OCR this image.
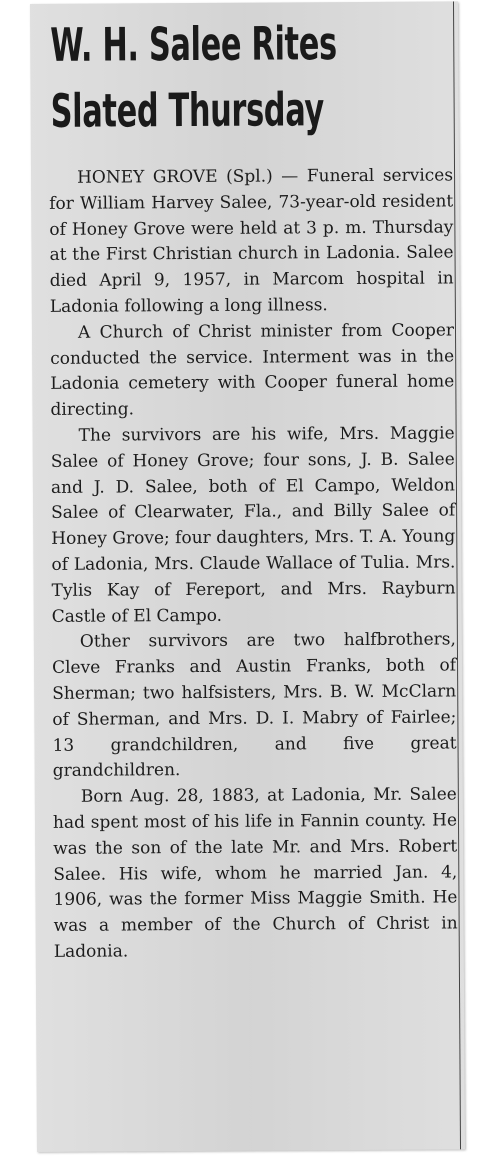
W. H. Salee Rites
Slated Thursday

HONEY GROVE (Spl.) — Funeral services for William Harvey Salee, 73-year-old resident of Honey Grove were held at 3 p. m. Thursday at the First Christian church in Ladonia. Salee died April 9, 1957, in Marcom hospital in Ladonia following a long illness.

A Church of Christ minister from Cooper conducted the service. Interment was in the Ladonia cemetery with Cooper funeral home directing.

The survivors are his wife, Mrs. Maggie Salee of Honey Grove; four sons, J. B. Salee and J. D. Salee, both of El Campo, Weldon Salee of Clearwater, Fla., and Billy Salee of Honey Grove; four daughters, Mrs. T. A. Young of Ladonia, Mrs. Claude Wallace of Tulia. Mrs. Tylis Kay of Fereport, and Mrs. Rayburn Castle of El Campo.

Other survivors are two halfbrothers, Cleve Franks and Austin Franks, both of Sherman; two halfsisters, Mrs. B. W. McClarn of Sherman, and Mrs. D. I. Mabry of Fairlee; 13 grandchildren, and five great grandchildren.

Born Aug. 28, 1883, at Ladonia, Mr. Salee had spent most of his life in Fannin county. He was the son of the late Mr. and Mrs. Robert Salee. His wife, whom he married Jan. 4, 1906, was the former Miss Maggie Smith. He was a member of the Church of Christ in Ladonia.
